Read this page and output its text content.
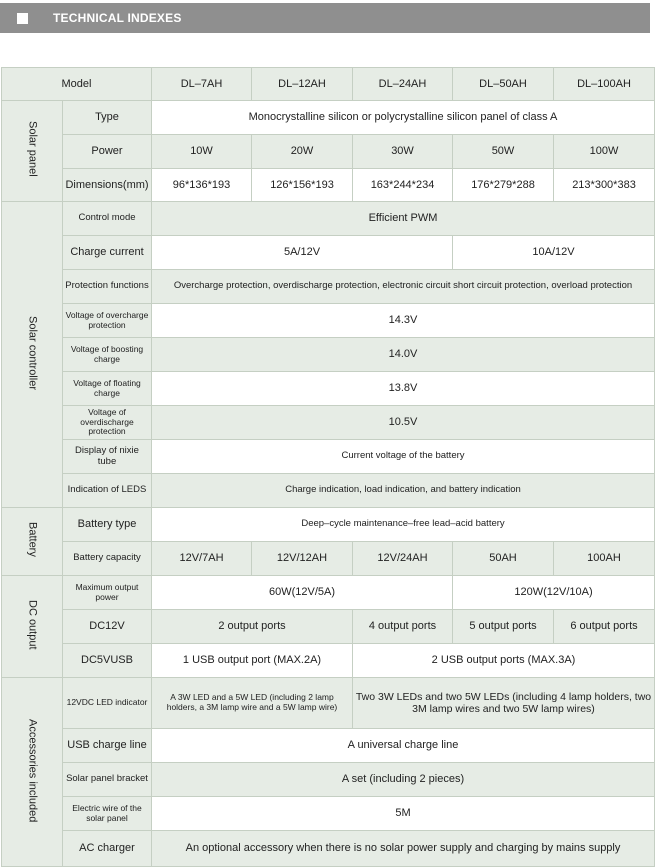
TECHNICAL INDEXES
Model		DL–7AH	DL–12AH	DL–24AH	DL–50AH	DL–100AH
Solar panel	Type	Monocrystalline silicon or polycrystalline silicon panel of class A				
	Power	10W	20W	30W	50W	100W
	Dimensions(mm)	96*136*193	126*156*193	163*244*234	176*279*288	213*300*383
Solar controller	Control mode	Efficient PWM				
	Charge current	5A/12V			10A/12V	
	Protection functions	Overcharge protection, overdischarge protection, electronic circuit short circuit protection, overload protection				
	Voltage of overcharge protection	14.3V				
	Voltage of boosting charge	14.0V				
	Voltage of floating charge	13.8V				
	Voltage of overdischarge protection	10.5V				
	Display of nixie tube	Current voltage of the battery				
	Indication of LEDS	Charge indication, load indication, and battery indication				
Battery	Battery type	Deep–cycle maintenance–free lead–acid battery				
	Battery capacity	12V/7AH	12V/12AH	12V/24AH	50AH	100AH
DC output	Maximum output power	60W(12V/5A)			120W(12V/10A)	
	DC12V	2 output ports		4 output ports	5 output ports	6 output ports
	DC5VUSB	1 USB output port (MAX.2A)		2 USB output ports (MAX.3A)		
Accessories included	12VDC LED indicator	A 3W LED and a 5W LED (including 2 lamp holders, a 3M lamp wire and a 5W lamp wire)		Two 3W LEDs and two 5W LEDs (including 4 lamp holders, two 3M lamp wires and two 5W lamp wires)		
	USB charge line	A universal charge line				
	Solar panel bracket	A set (including 2 pieces)				
	Electric wire of the solar panel	5M				
	AC charger	An optional accessory when there is no solar power supply and charging by mains supply				
